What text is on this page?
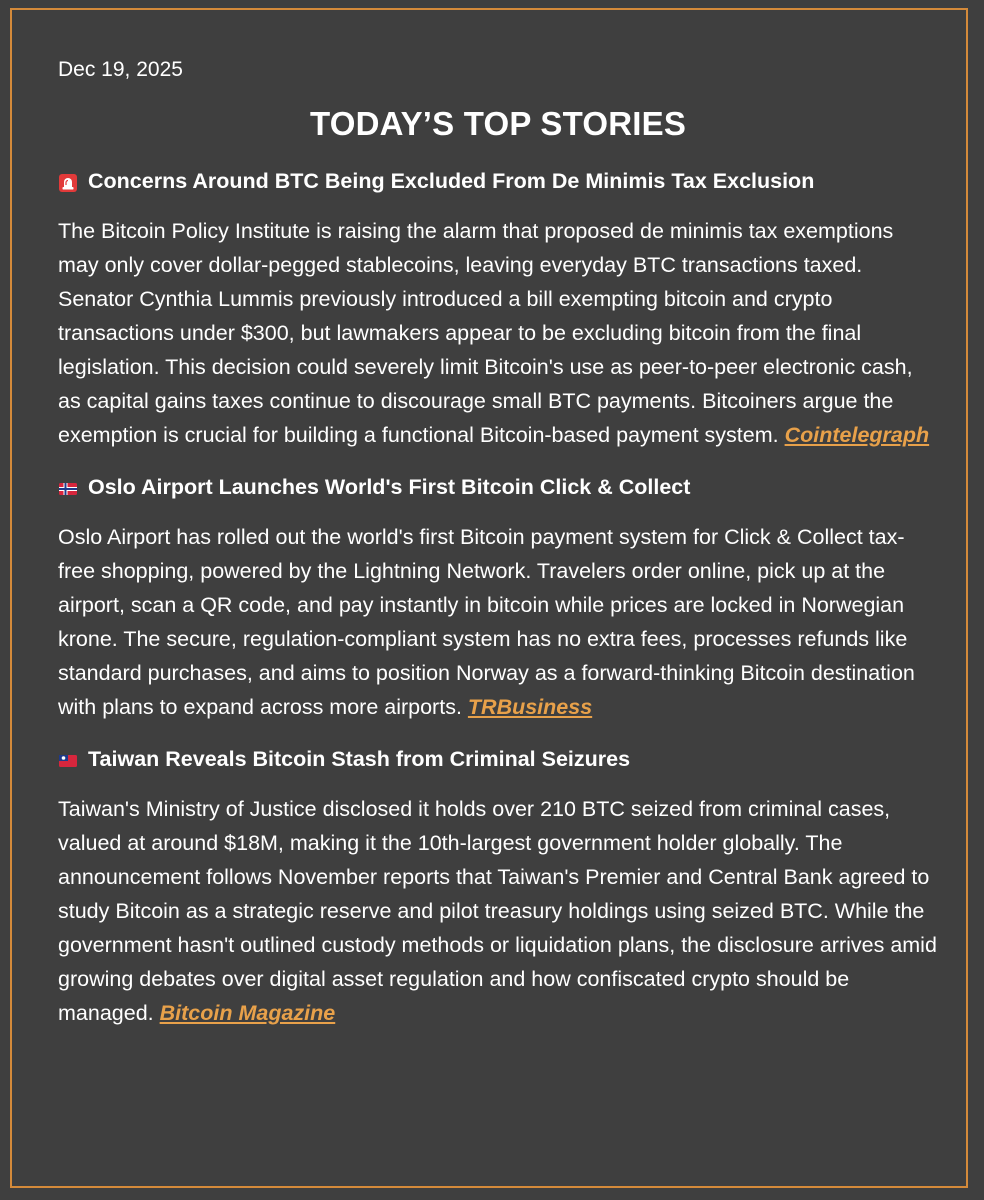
Dec 19, 2025

TODAY’S TOP STORIES
Concerns Around BTC Being Excluded From De Minimis Tax Exclusion

The Bitcoin Policy Institute is raising the alarm that proposed de minimis tax exemptions may only cover dollar-pegged stablecoins, leaving everyday BTC transactions taxed. Senator Cynthia Lummis previously introduced a bill exempting bitcoin and crypto transactions under $300, but lawmakers appear to be excluding bitcoin from the final legislation. This decision could severely limit Bitcoin's use as peer-to-peer electronic cash, as capital gains taxes continue to discourage small BTC payments. Bitcoiners argue the exemption is crucial for building a functional Bitcoin-based payment system. Cointelegraph

Oslo Airport Launches World's First Bitcoin Click & Collect

Oslo Airport has rolled out the world's first Bitcoin payment system for Click & Collect tax-free shopping, powered by the Lightning Network. Travelers order online, pick up at the airport, scan a QR code, and pay instantly in bitcoin while prices are locked in Norwegian krone. The secure, regulation-compliant system has no extra fees, processes refunds like standard purchases, and aims to position Norway as a forward-thinking Bitcoin destination with plans to expand across more airports. TRBusiness

Taiwan Reveals Bitcoin Stash from Criminal Seizures

Taiwan's Ministry of Justice disclosed it holds over 210 BTC seized from criminal cases, valued at around $18M, making it the 10th-largest government holder globally. The announcement follows November reports that Taiwan's Premier and Central Bank agreed to study Bitcoin as a strategic reserve and pilot treasury holdings using seized BTC. While the government hasn't outlined custody methods or liquidation plans, the disclosure arrives amid growing debates over digital asset regulation and how confiscated crypto should be managed. Bitcoin Magazine
